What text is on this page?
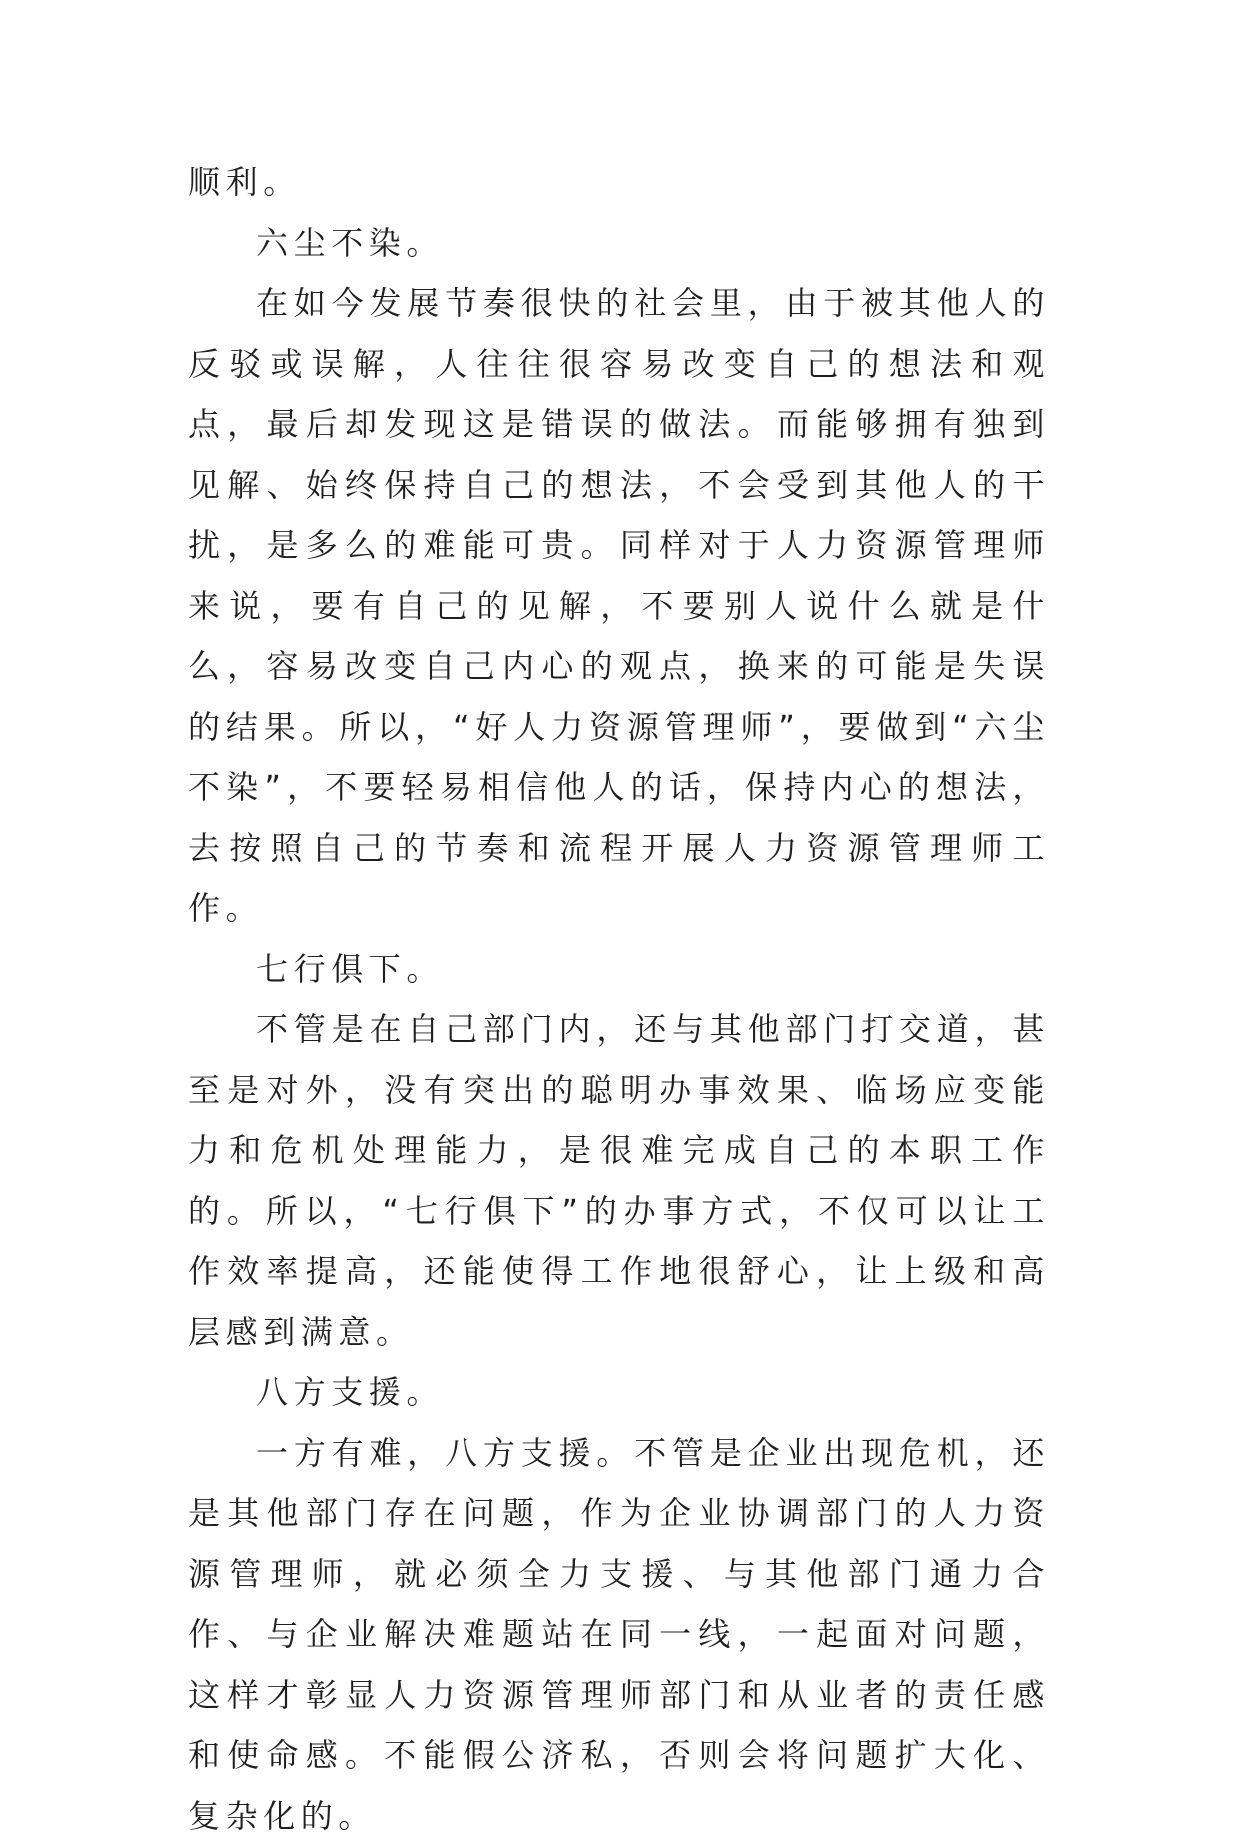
顺利。

六尘不染。

在如今发展节奏很快的社会里，由于被其他人的反驳或误解，人往往很容易改变自己的想法和观点，最后却发现这是错误的做法。而能够拥有独到见解、始终保持自己的想法，不会受到其他人的干扰，是多么的难能可贵。同样对于人力资源管理师来说，要有自己的见解，不要别人说什么就是什么，容易改变自己内心的观点，换来的可能是失误的结果。所以，“好人力资源管理师”，要做到“六尘不染”，不要轻易相信他人的话，保持内心的想法，去按照自己的节奏和流程开展人力资源管理师工作。

七行俱下。

不管是在自己部门内，还与其他部门打交道，甚至是对外，没有突出的聪明办事效果、临场应变能力和危机处理能力，是很难完成自己的本职工作的。所以，“七行俱下”的办事方式，不仅可以让工作效率提高，还能使得工作地很舒心，让上级和高层感到满意。

八方支援。

一方有难，八方支援。不管是企业出现危机，还是其他部门存在问题，作为企业协调部门的人力资源管理师，就必须全力支援、与其他部门通力合作、与企业解决难题站在同一线，一起面对问题，这样才彰显人力资源管理师部门和从业者的责任感和使命感。不能假公济私，否则会将问题扩大化、复杂化的。
